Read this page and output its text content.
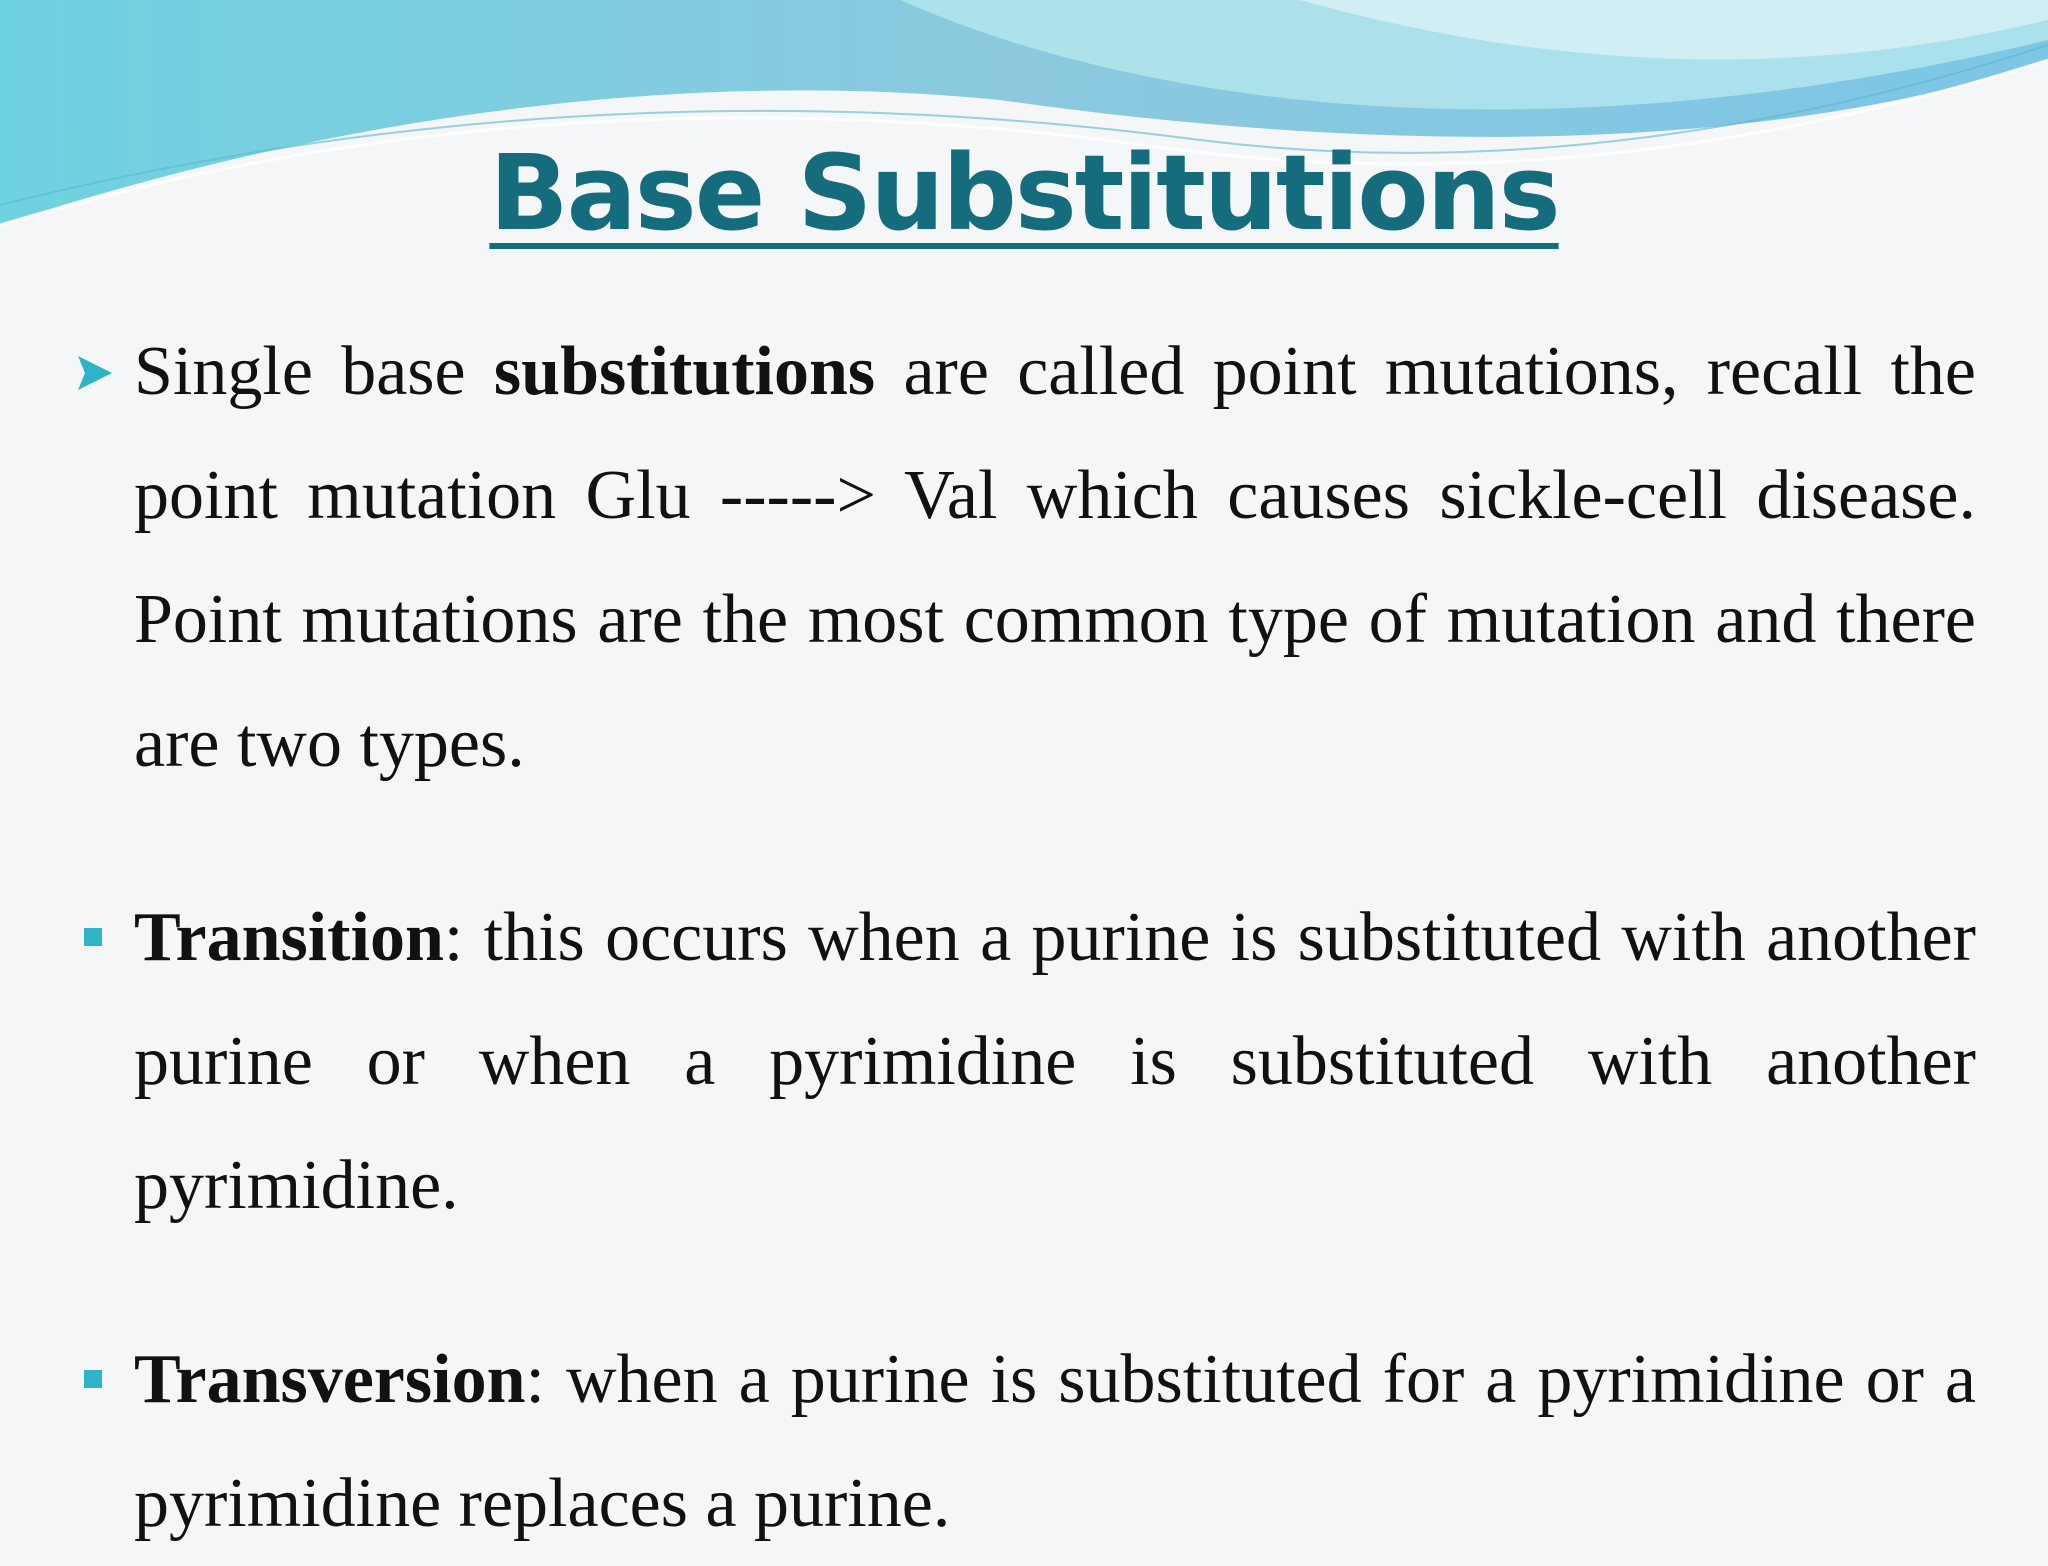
Base Substitutions

Single base substitutions are called point mutations, recall the point mutation Glu -----> Val which causes sickle-cell disease. Point mutations are the most common type of mutation and there are two types.

Transition: this occurs when a purine is substituted with another purine or when a pyrimidine is substituted with another pyrimidine.

Transversion: when a purine is substituted for a pyrimidine or a pyrimidine replaces a purine.
